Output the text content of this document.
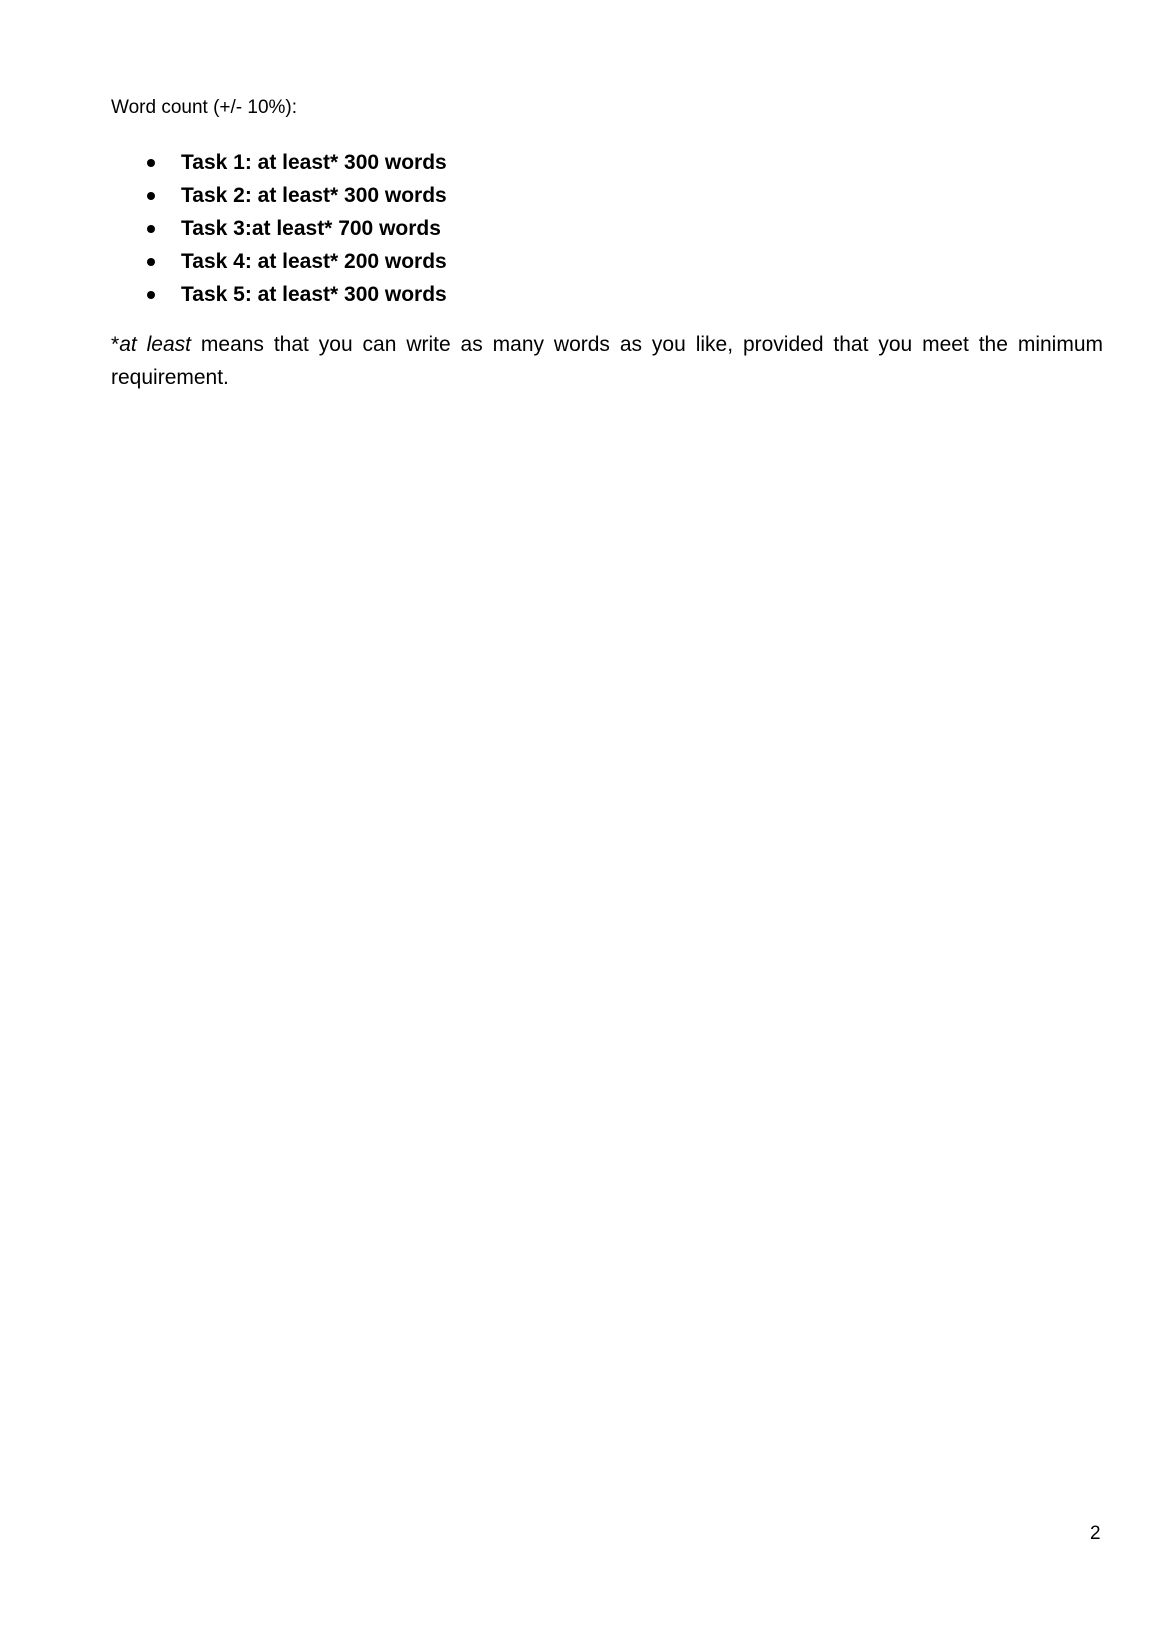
Word count (+/- 10%):

Task 1: at least* 300 words
Task 2: at least* 300 words
Task 3:at least* 700 words
Task 4: at least* 200 words
Task 5: at least* 300 words

*at least means that you can write as many words as you like, provided that you meet the minimum requirement.

2
